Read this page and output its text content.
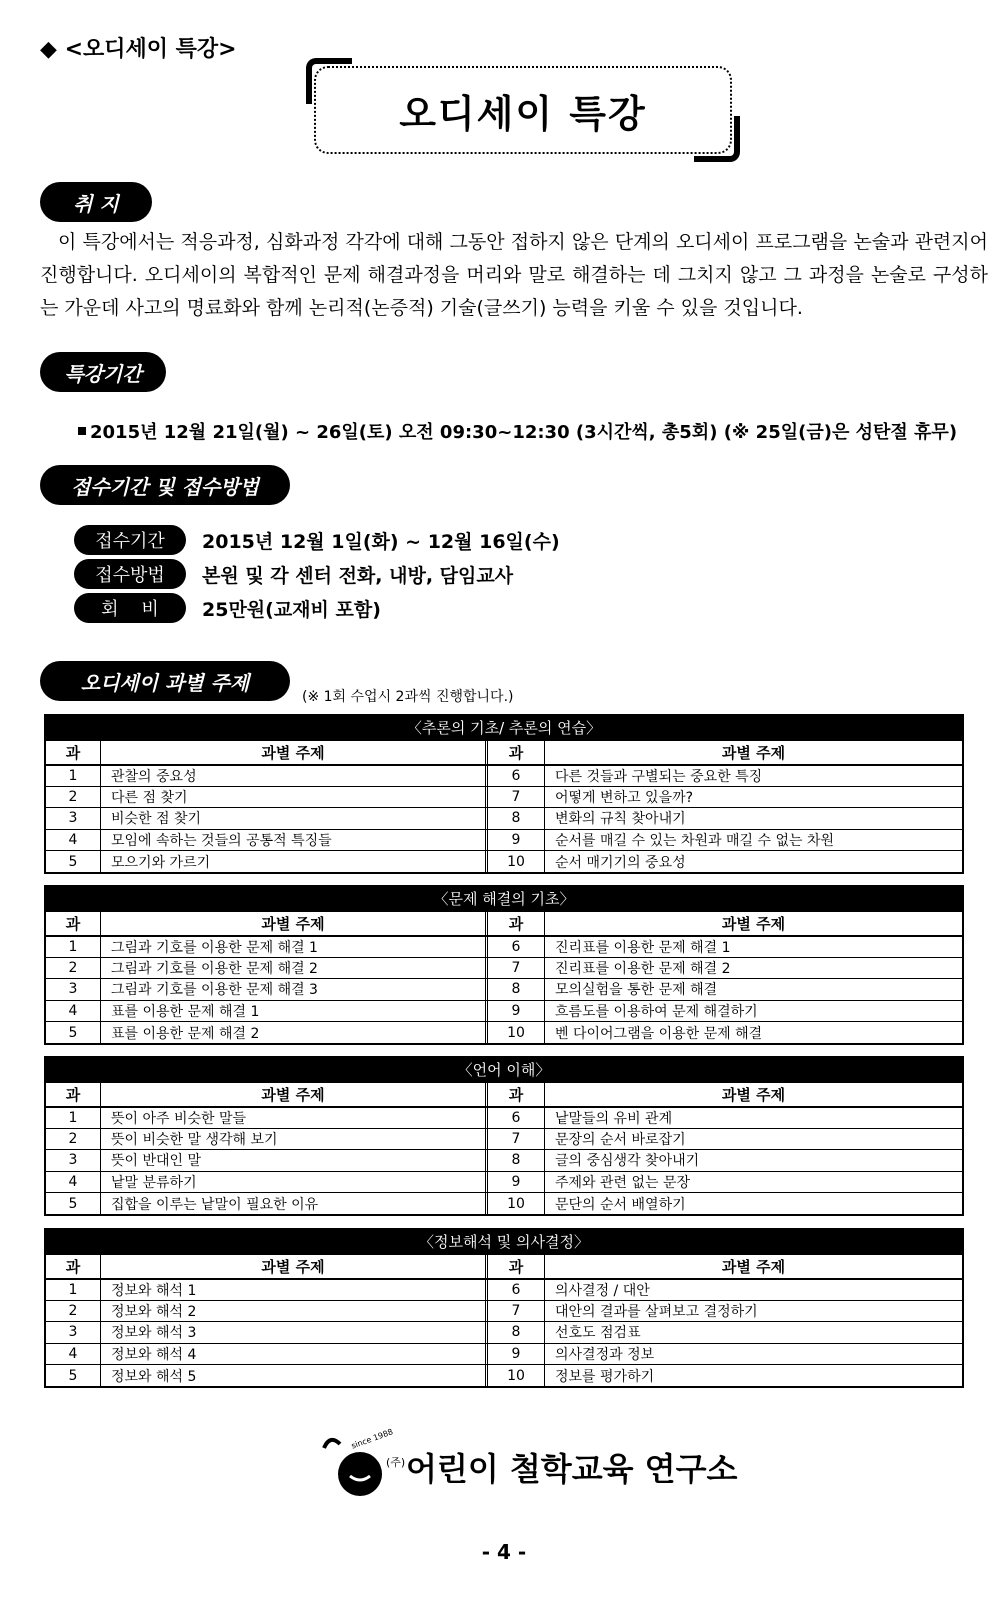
◆ <오디세이 특강>
오디세이 특강
취 지
이 특강에서는 적응과정, 심화과정 각각에 대해 그동안 접하지 않은 단계의 오디세이 프로그램을 논술과 관련지어 진행합니다. 오디세이의 복합적인 문제 해결과정을 머리와 말로 해결하는 데 그치지 않고 그 과정을 논술로 구성하는 가운데 사고의 명료화와 함께 논리적(논증적) 기술(글쓰기) 능력을 키울 수 있을 것입니다.
특강기간
2015년 12월 21일(월) ~ 26일(토) 오전 09:30~12:30 (3시간씩, 총5회) (※ 25일(금)은 성탄절 휴무)
접수기간 및 접수방법
접수기간	2015년 12월 1일(화) ~ 12월 16일(수)
접수방법	본원 및 각 센터 전화, 내방, 담임교사
회    비	25만원(교재비 포함)
오디세이 과별 주제
(※ 1회 수업시 2과씩 진행합니다.)
〈추론의 기초/ 추론의 연습〉
과	과별 주제	과	과별 주제
1	관찰의 중요성	6	다른 것들과 구별되는 중요한 특징
2	다른 점 찾기	7	어떻게 변하고 있을까?
3	비슷한 점 찾기	8	변화의 규칙 찾아내기
4	모임에 속하는 것들의 공통적 특징들	9	순서를 매길 수 있는 차원과 매길 수 없는 차원
5	모으기와 가르기	10	순서 매기기의 중요성
〈문제 해결의 기초〉
과	과별 주제	과	과별 주제
1	그림과 기호를 이용한 문제 해결 1	6	진리표를 이용한 문제 해결 1
2	그림과 기호를 이용한 문제 해결 2	7	진리표를 이용한 문제 해결 2
3	그림과 기호를 이용한 문제 해결 3	8	모의실험을 통한 문제 해결
4	표를 이용한 문제 해결 1	9	흐름도를 이용하여 문제 해결하기
5	표를 이용한 문제 해결 2	10	벤 다이어그램을 이용한 문제 해결
〈언어 이해〉
과	과별 주제	과	과별 주제
1	뜻이 아주 비슷한 말들	6	낱말들의 유비 관계
2	뜻이 비슷한 말 생각해 보기	7	문장의 순서 바로잡기
3	뜻이 반대인 말	8	글의 중심생각 찾아내기
4	낱말 분류하기	9	주제와 관련 없는 문장
5	집합을 이루는 낱말이 필요한 이유	10	문단의 순서 배열하기
〈정보해석 및 의사결정〉
과	과별 주제	과	과별 주제
1	정보와 해석 1	6	의사결정 / 대안
2	정보와 해석 2	7	대안의 결과를 살펴보고 결정하기
3	정보와 해석 3	8	선호도 점검표
4	정보와 해석 4	9	의사결정과 정보
5	정보와 해석 5	10	정보를 평가하기
since 1988
(주) 어린이 철학교육 연구소
- 4 -
